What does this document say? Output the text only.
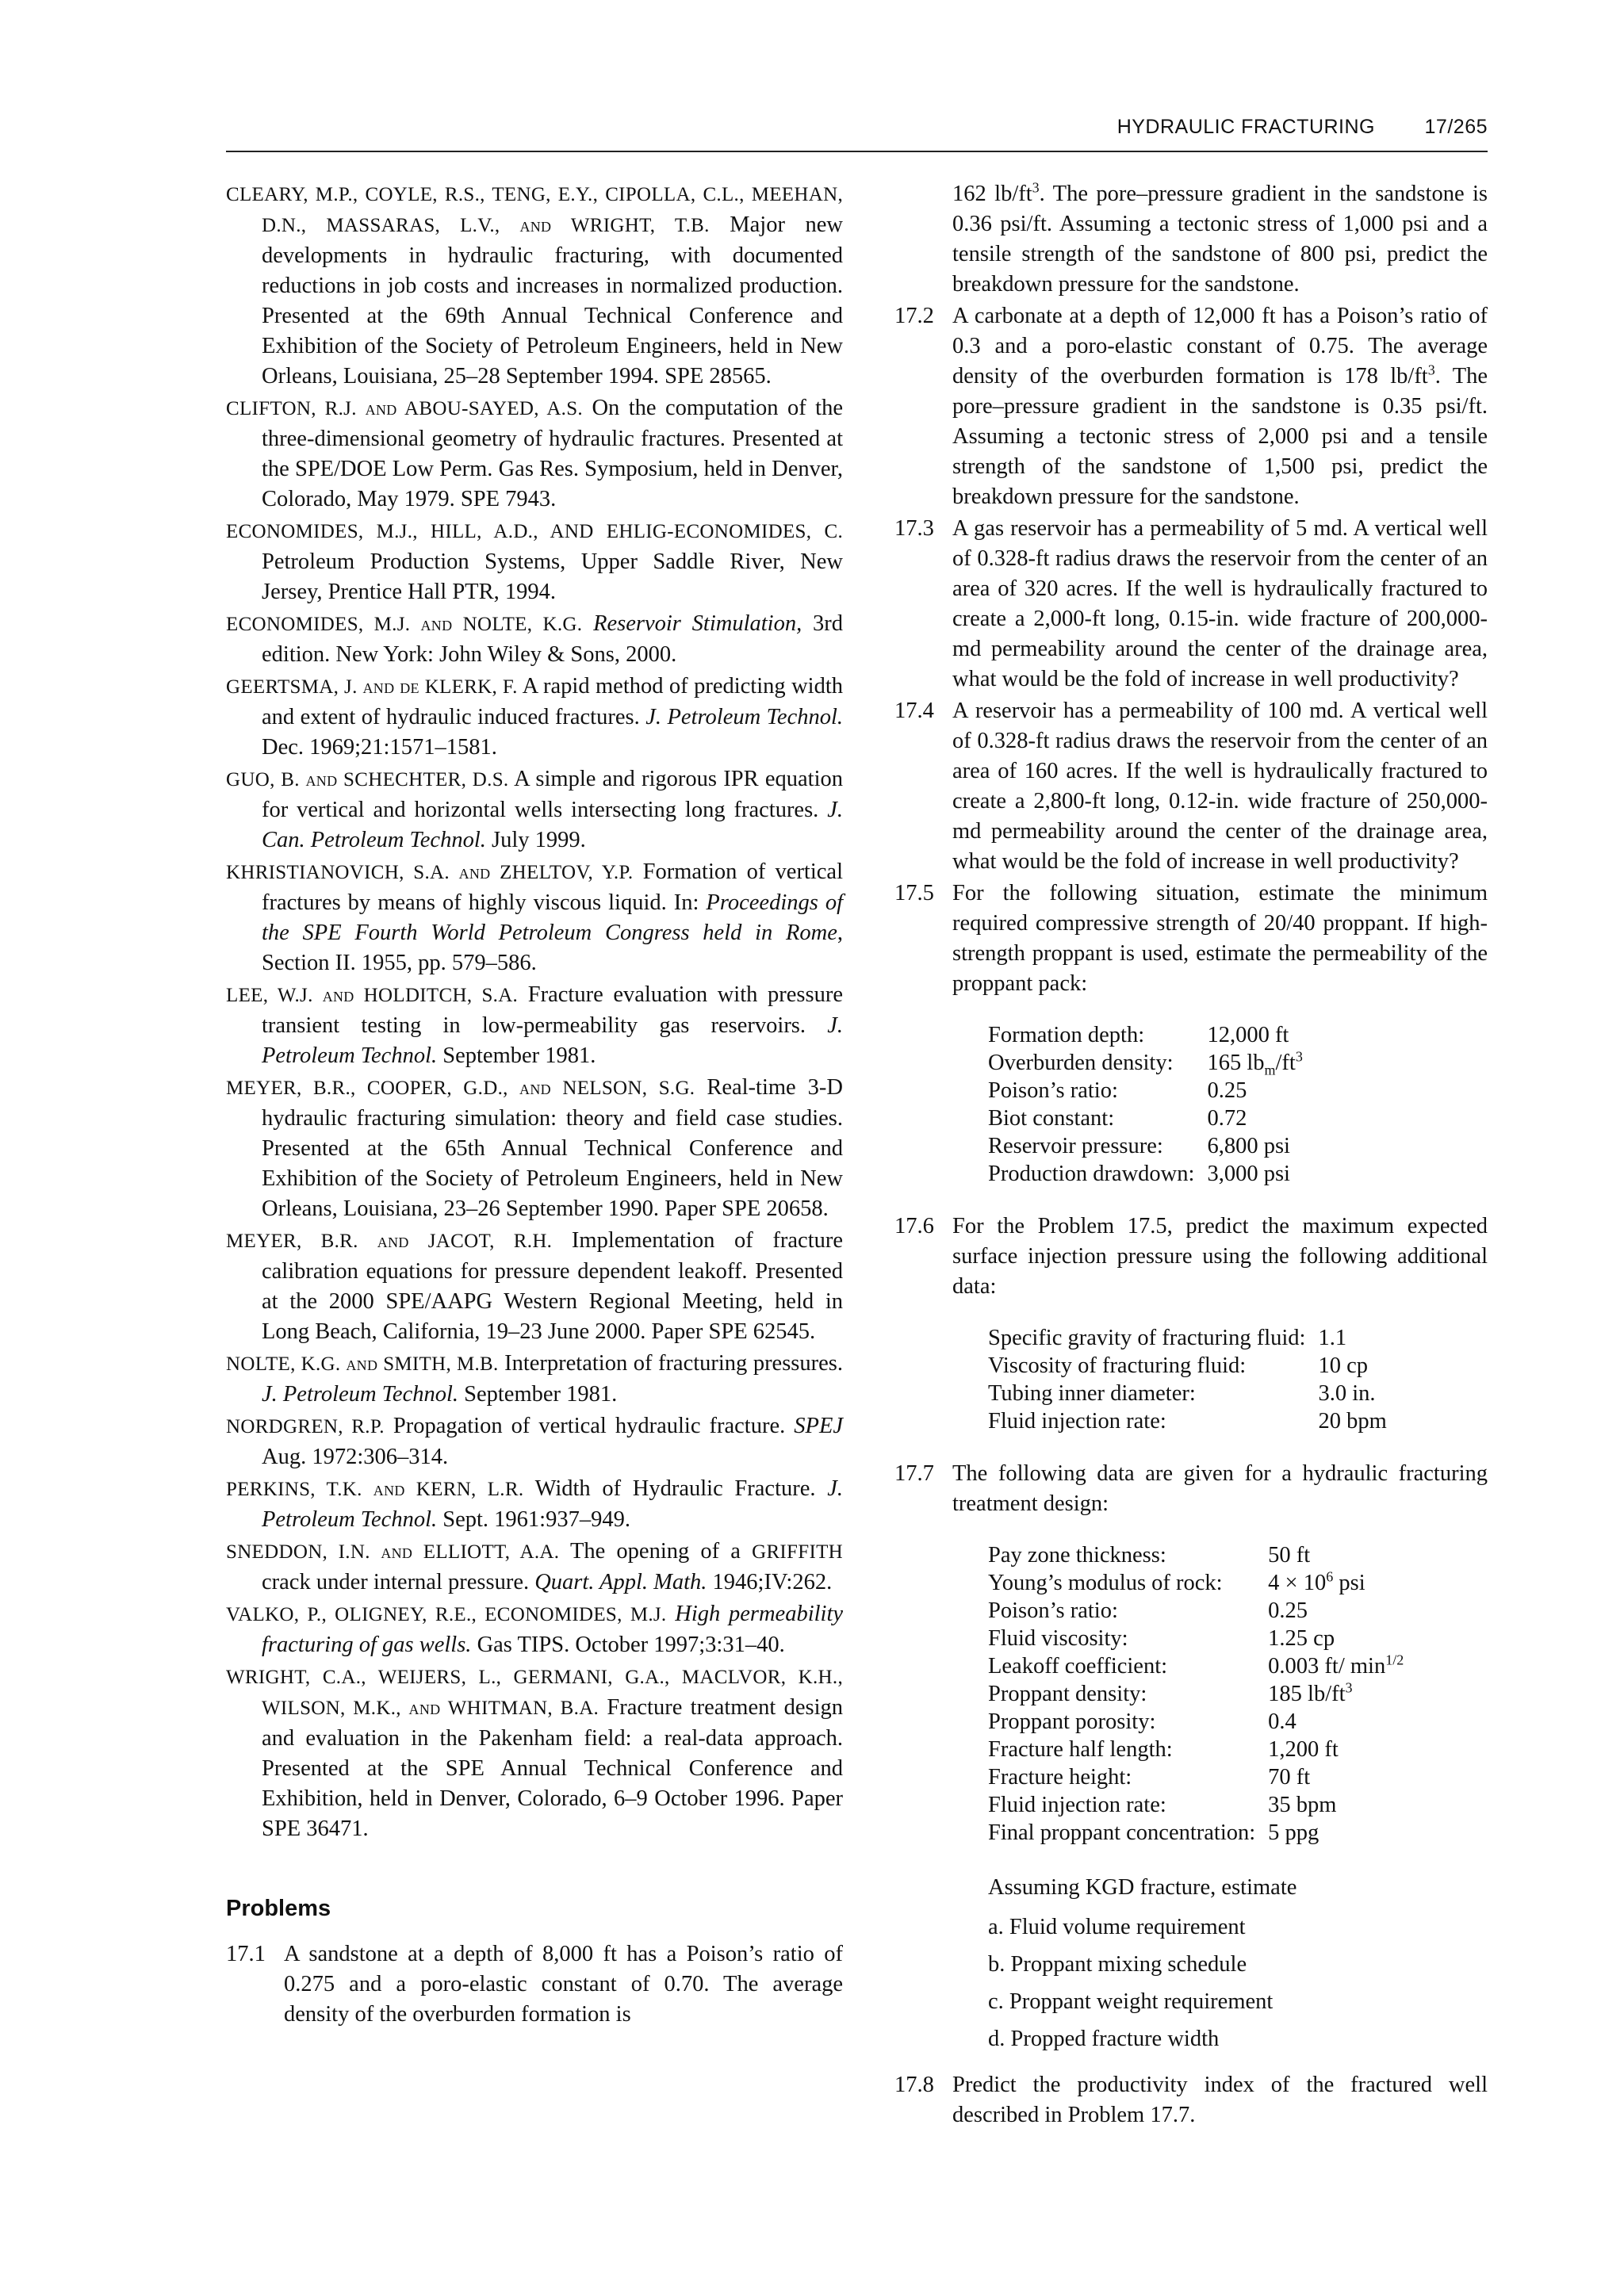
HYDRAULIC FRACTURING	17/265
CLEARY, M.P., COYLE, R.S., TENG, E.Y., CIPOLLA, C.L., MEEHAN, D.N., MASSARAS, L.V., and WRIGHT, T.B. Major new developments in hydraulic fracturing, with documented reductions in job costs and increases in normalized production. Presented at the 69th Annual Technical Conference and Exhibition of the Society of Petroleum Engineers, held in New Orleans, Louisiana, 25–28 September 1994. SPE 28565.
CLIFTON, R.J. and ABOU-SAYED, A.S. On the computation of the three-dimensional geometry of hydraulic fractures. Presented at the SPE/DOE Low Perm. Gas Res. Symposium, held in Denver, Colorado, May 1979. SPE 7943.
ECONOMIDES, M.J., HILL, A.D., AND EHLIG-ECONOMIDES, C. Petroleum Production Systems, Upper Saddle River, New Jersey, Prentice Hall PTR, 1994.
ECONOMIDES, M.J. and NOLTE, K.G. Reservoir Stimulation, 3rd edition. New York: John Wiley & Sons, 2000.
GEERTSMA, J. and de KLERK, F. A rapid method of predicting width and extent of hydraulic induced fractures. J. Petroleum Technol. Dec. 1969;21:1571–1581.
GUO, B. and SCHECHTER, D.S. A simple and rigorous IPR equation for vertical and horizontal wells intersecting long fractures. J. Can. Petroleum Technol. July 1999.
KHRISTIANOVICH, S.A. and ZHELTOV, Y.P. Formation of vertical fractures by means of highly viscous liquid. In: Proceedings of the SPE Fourth World Petroleum Congress held in Rome, Section II. 1955, pp. 579–586.
LEE, W.J. and HOLDITCH, S.A. Fracture evaluation with pressure transient testing in low-permeability gas reservoirs. J. Petroleum Technol. September 1981.
MEYER, B.R., COOPER, G.D., and NELSON, S.G. Real-time 3-D hydraulic fracturing simulation: theory and field case studies. Presented at the 65th Annual Technical Conference and Exhibition of the Society of Petroleum Engineers, held in New Orleans, Louisiana, 23–26 September 1990. Paper SPE 20658.
MEYER, B.R. and JACOT, R.H. Implementation of fracture calibration equations for pressure dependent leakoff. Presented at the 2000 SPE/AAPG Western Regional Meeting, held in Long Beach, California, 19–23 June 2000. Paper SPE 62545.
NOLTE, K.G. and SMITH, M.B. Interpretation of fracturing pressures. J. Petroleum Technol. September 1981.
NORDGREN, R.P. Propagation of vertical hydraulic fracture. SPEJ Aug. 1972:306–314.
PERKINS, T.K. and KERN, L.R. Width of Hydraulic Fracture. J. Petroleum Technol. Sept. 1961:937–949.
SNEDDON, I.N. and ELLIOTT, A.A. The opening of a GRIFFITH crack under internal pressure. Quart. Appl. Math. 1946;IV:262.
VALKO, P., OLIGNEY, R.E., ECONOMIDES, M.J. High permeability fracturing of gas wells. Gas TIPS. October 1997;3:31–40.
WRIGHT, C.A., WEIJERS, L., GERMANI, G.A., MACLVOR, K.H., WILSON, M.K., and WHITMAN, B.A. Fracture treatment design and evaluation in the Pakenham field: a real-data approach. Presented at the SPE Annual Technical Conference and Exhibition, held in Denver, Colorado, 6–9 October 1996. Paper SPE 36471.
Problems
17.1 A sandstone at a depth of 8,000 ft has a Poison’s ratio of 0.275 and a poro-elastic constant of 0.70. The average density of the overburden formation is
162 $lb/ft^3$. The pore–pressure gradient in the sandstone is 0.36 psi/ft. Assuming a tectonic stress of 1,000 psi and a tensile strength of the sandstone of 800 psi, predict the breakdown pressure for the sandstone.
17.2 A carbonate at a depth of 12,000 ft has a Poison’s ratio of 0.3 and a poro-elastic constant of 0.75. The average density of the overburden formation is 178 $lb/ft^3$. The pore–pressure gradient in the sandstone is 0.35 psi/ft. Assuming a tectonic stress of 2,000 psi and a tensile strength of the sandstone of 1,500 psi, predict the breakdown pressure for the sandstone.
17.3 A gas reservoir has a permeability of 5 md. A vertical well of 0.328-ft radius draws the reservoir from the center of an area of 320 acres. If the well is hydraulically fractured to create a 2,000-ft long, 0.15-in. wide fracture of 200,000-md permeability around the center of the drainage area, what would be the fold of increase in well productivity?
17.4 A reservoir has a permeability of 100 md. A vertical well of 0.328-ft radius draws the reservoir from the center of an area of 160 acres. If the well is hydraulically fractured to create a 2,800-ft long, 0.12-in. wide fracture of 250,000-md permeability around the center of the drainage area, what would be the fold of increase in well productivity?
17.5 For the following situation, estimate the minimum required compressive strength of 20/40 proppant. If high-strength proppant is used, estimate the permeability of the proppant pack:
Formation depth:	12,000 ft
Overburden density:	165 $lb_m/ft^3$
Poison’s ratio:	0.25
Biot constant:	0.72
Reservoir pressure:	6,800 psi
Production drawdown:	3,000 psi
17.6 For the Problem 17.5, predict the maximum expected surface injection pressure using the following additional data:
Specific gravity of fracturing fluid:	1.1
Viscosity of fracturing fluid:	10 cp
Tubing inner diameter:	3.0 in.
Fluid injection rate:	20 bpm
17.7 The following data are given for a hydraulic fracturing treatment design:
Pay zone thickness:	50 ft
Young’s modulus of rock:	$4 \times 10^6$ psi
Poison’s ratio:	0.25
Fluid viscosity:	1.25 cp
Leakoff coefficient:	0.003 ft/ $\min^{1/2}$
Proppant density:	185 $lb/ft^3$
Proppant porosity:	0.4
Fracture half length:	1,200 ft
Fracture height:	70 ft
Fluid injection rate:	35 bpm
Final proppant concentration:	5 ppg
Assuming KGD fracture, estimate
a. Fluid volume requirement
b. Proppant mixing schedule
c. Proppant weight requirement
d. Propped fracture width
17.8 Predict the productivity index of the fractured well described in Problem 17.7.
